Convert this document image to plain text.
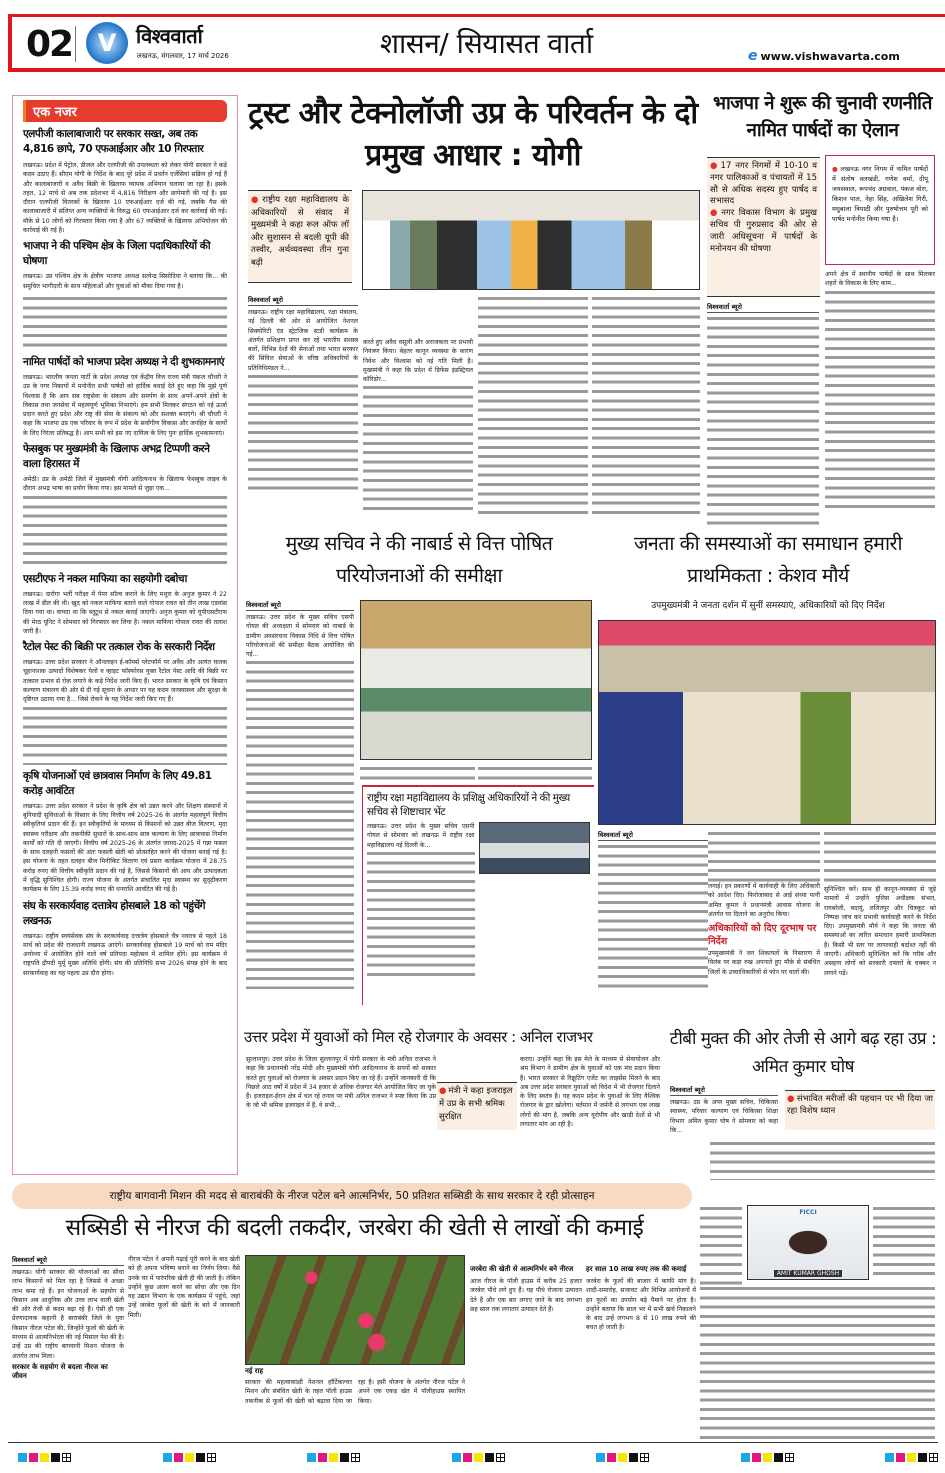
02	V विश्ववार्ता
लखनऊ, मंगलवार, 17 मार्च 2026	शासन/ सियासत वार्ता	e www.vishwavarta.com
एक नजर
एलपीजी कालाबाजारी पर सरकार सख्त, अब तक 4,816 छापे, 70 एफआईआर और 10 गिरफ्तार
लखनऊ। प्रदेश में पेट्रोल, डीजल और एलपीजी की उपलब्धता को लेकर योगी सरकार ने कड़े कदम उठाए हैं। सीएम योगी के निर्देश के बाद पूरे प्रदेश में प्रवर्तन एजेंसियां सक्रिय हो गई हैं और कालाबाजारी व अवैध बिक्री के खिलाफ व्यापक अभियान चलाया जा रहा है। इसके तहत, 12 मार्च से अब तक प्रदेशभर में 4,816 निरीक्षण और छापेमारी की गई है। इस दौरान एलपीजी वितरकों के खिलाफ 10 एफआईआर दर्ज की गई, जबकि गैस की कालाबाजारी में संलिप्त अन्य व्यक्तियों के विरुद्ध 60 एफआईआर दर्ज कर कार्रवाई की गई। मौके से 10 लोगों को गिरफ्तार किया गया है और 67 व्यक्तियों के खिलाफ अभियोजन की कार्रवाई की गई है।
भाजपा ने की पश्चिम क्षेत्र के जिला पदाधिकारियों की घोषणा
लखनऊ। उप्र पश्चिम क्षेत्र के क्षेत्रीय भाजपा अध्यक्ष सत्येन्द्र सिसोदिया ने बताया कि... की समुचित भागीदारी के साथ महिलाओं और युवाओं को मौका दिया गया है।
नामित पार्षदों को भाजपा प्रदेश अध्यक्ष ने दी शुभकामनाएं
लखनऊ। भारतीय जनता पार्टी के प्रदेश अध्यक्ष एवं केंद्रीय वित्त राज्य मंत्री पंकज चौधरी ने उप्र के नगर निकायों में मनोनीत सभी पार्षदों को हार्दिक बधाई देते हुए कहा कि मुझे पूर्ण विश्वास है कि आप सब राष्ट्रसेवा के संकल्प और समर्पण के साथ अपने-अपने क्षेत्रों के विकास तथा जनसेवा में महत्वपूर्ण भूमिका निभाएंगे। हम सभी मिलकर संगठन को नई ऊर्जा प्रदान करते हुए प्रदेश और राष्ट्र की सेवा के संकल्प को और सशक्त बनाएंगे। श्री चौधरी ने कहा कि भाजपा उप्र एक परिवार के रूप में प्रदेश के सर्वांगीण विकास और जनहित के कार्यों के लिए निरंतर प्रतिबद्ध है। आप सभी को इस नए दायित्व के लिए पुनः हार्दिक शुभकामनाएं।
फेसबुक पर मुख्यमंत्री के खिलाफ अभद्र टिप्पणी करने वाला हिरासत में
अमेठी। उप्र के अमेठी जिले में मुख्यमंत्री योगी आदित्यनाथ के खिलाफ फेसबुक लाइव के दौरान अभद्र भाषा का प्रयोग किया गया। इस मामले से जुड़ा एक...
एसटीएफ ने नकल माफिया का सहयोगी दबोचा
लखनऊ। दारोगा भर्ती परीक्षा में पेपर सॉल्व कराने के लिए मथुरा के अनुज कुमार ने 22 लाख में डील की थी। खुद को नकल माफिया बताने वाले गोपाल रावत को तीन लाख एडवांस दिया गया था। वायदा था कि ब्लूटूथ से नकल कराई जाएगी। अनुज कुमार को यूपीएसटीएफ की मेरठ यूनिट ने सोमवार को गिरफ्तार कर लिया है। नकल माफिया गोपाल रावत की तलाश जारी है।
रैटोल पेस्ट की बिक्री पर तत्काल रोक के सरकारी निर्देश
लखनऊ। उत्तर प्रदेश सरकार ने ऑनलाइन ई-कॉमर्स प्लेटफॉर्म पर अवैध और अत्यंत घातक चूहानाशक उत्पादों विशेषकर येलो व व्हाइट फॉस्फोरस युक्त रैटोल पेस्ट आदि की बिक्री पर तत्काल प्रभाव से रोक लगाने के कड़े निर्देश जारी किए हैं। भारत सरकार के कृषि एवं किसान कल्याण मंत्रालय की ओर से दी गई सूचना के आधार पर यह कदम जनस्वास्थ्य और सुरक्षा के दृष्टिगत उठाया गया है... जिसे रोकने के यह निर्देश जारी किए गए हैं।
कृषि योजनाओं एवं छात्रवास निर्माण के लिए 49.81 करोड़ आवंटित
लखनऊ। उत्तर प्रदेश सरकार ने प्रदेश के कृषि क्षेत्र को उन्नत करने और शिक्षण संस्थानों में बुनियादी सुविधाओं के विस्तार के लिए वित्तीय वर्ष 2025-26 के अंतर्गत महत्वपूर्ण वित्तीय स्वीकृतियां प्रदान की हैं। इन स्वीकृतियों के माध्यम से किसानों को उन्नत बीज वितरण, मृदा स्वास्थ्य परीक्षण और तकनीकी सुधारों के साथ-साथ छात्र कल्याण के लिए छात्रावास निर्माण कार्यों को गति दी जाएगी। वित्तीय वर्ष 2025-26 के अंतर्गत जायद-2025 में गन्ना फसल के साथ दलहनी फसलों की अंतः फसली खेती को प्रोत्साहित करने की योजना बनाई गई है। इस योजना के तहत दलहन बीज मिनीकिट वितरण एवं प्रसार कार्यक्रम योजना में 28.75 करोड़ रुपए की वित्तीय स्वीकृति प्रदान की गई है, जिससे किसानों की आय और उत्पादकता में वृद्धि सुनिश्चित होगी। राज्य योजना के अंतर्गत संचालित मृदा स्वास्थ्य का सुदृढ़ीकरण कार्यक्रम के लिए 15.39 करोड़ रुपए की धनराशि आवंटित की गई है।
संघ के सरकार्यवाह दत्तात्रेय होसबाले 18 को पहुंचेंगे लखनऊ
लखनऊ। राष्ट्रीय स्वयंसेवक संघ के सरकार्यवाह दत्तात्रेय होसबाले चैत्र नवरात्र से पहले 18 मार्च को प्रदेश की राजधानी लखनऊ आएंगे। सरकार्यवाह होसबाले 19 मार्च को राम मंदिर अयोध्या में आयोजित होने वाले वर्ष प्रतिपदा महोत्सव में शामिल होंगे। इस कार्यक्रम में राष्ट्रपति द्रौपदी मुर्मू मुख्य अतिथि होंगी। संघ की प्रतिनिधि सभा 2026 संपन्न होने के बाद सरकार्यवाह का यह पहला उप्र दौरा होगा।
ट्रस्ट और टेक्नोलॉजी उप्र के परिवर्तन के दो प्रमुख आधार : योगी
● राष्ट्रीय रक्षा महाविद्यालय के अधिकारियों से संवाद में मुख्यमंत्री ने कहा रूल ऑफ लॉ और सुशासन से बदली यूपी की तस्वीर, अर्थव्यवस्था तीन गुना बढ़ी
विश्ववार्ता ब्यूरो
लखनऊ। राष्ट्रीय रक्षा महाविद्यालय, रक्षा मंत्रालय, नई दिल्ली की ओर से आयोजित नेशनल सिक्योरिटी एंड स्ट्रेटजिक स्टडी कार्यक्रम के अंतर्गत प्रशिक्षण प्राप्त कर रहे भारतीय सशस्त्र बलों, विभिन्न देशों की सेनाओं तथा भारत सरकार की सिविल सेवाओं के वरिष्ठ अधिकारियों के प्रतिनिधिमंडल ने...
करते हुए अवैध वसूली और अराजकता पर प्रभावी नियंत्रण किया। बेहतर कानून व्यवस्था के कारण निवेश और विश्वास को नई गति मिली है। मुख्यमंत्री ने कहा कि प्रदेश में डिफेंस इंडस्ट्रियल कॉरिडोर...
भाजपा ने शुरू की चुनावी रणनीति नामित पार्षदों का ऐलान
● 17 नगर निगमों में 10-10 व नगर पालिकाओं व पंचायतों में 15 सौ से अधिक सदस्य हुए पार्षद व सभासद
● नगर विकास विभाग के प्रमुख सचिव पी गुरुप्रसाद की ओर से जारी अधिसूचना में पार्षदों के मनोनयन की घोषणा
● लखनऊ नगर निगम में नामित पार्षदों में संतोष वलखंडी, गणेश वर्मा, दीपू जयसवाल, रूपचंद अग्रवाल, पंकज वोरा, किशन पाल, नेहा सिंह, अखिलेश गिरी, मधुबाला त्रिपाठी और पुरुषोत्तम पूरी को पार्षद मनोनीत किया गया है।
विश्ववार्ता ब्यूरो
अपने क्षेत्र में स्थानीय पार्षदों के साथ मिलकर शहरों के विकास के लिए काम...
मुख्य सचिव ने की नाबार्ड से वित्त पोषित परियोजनाओं की समीक्षा
विश्ववार्ता ब्यूरो
लखनऊ। उत्तर प्रदेश के मुख्य सचिव एसपी गोयल की अध्यक्षता में सोमवार को नाबार्ड के ग्रामीण अवसंरचना विकास निधि से वित्त पोषित परियोजनाओं की समीक्षा बैठक आयोजित की गई...
राष्ट्रीय रक्षा महाविद्यालय के प्रशिक्षु अधिकारियों ने की मुख्य सचिव से शिष्टाचार भेंट
लखनऊ। उत्तर प्रदेश के मुख्य सचिव एसपी गोयल से सोमवार को लखनऊ में राष्ट्रीय रक्षा महाविद्यालय नई दिल्ली के...
जनता की समस्याओं का समाधान हमारी प्राथमिकता : केशव मौर्य
उपमुख्यमंत्री ने जनता दर्शन में सुनीं समस्याएं, अधिकारियों को दिए निर्देश
विश्ववार्ता ब्यूरो
लगाई। इन प्रकरणों में कार्यवाही के लिए अधिकारी को आदेश दिए। फिरोजाबाद से आई संध्या पत्नी अमित कुमार ने प्रधानमंत्री आवास योजना के अंतर्गत घर दिलाने का अनुरोध किया।
अधिकारियों को दिए दूरभाष पर निर्देश
उपमुख्यमंत्री ने जन शिकायतों के निस्तारण में विलंब पर कड़ा रुख अपनाते हुए मौके से संबंधित जिलों के उच्चाधिकारियों से फोन पर वार्ता की।
सुनिश्चित करें। साथ ही कानून-व्यवस्था से जुड़े मामलों में उन्होंने पुलिस अधीक्षक संभल, रायबरेली, बदायूं, ललितपुर और चित्रकूट को निष्पक्ष जांच कर प्रभावी कार्यवाही करने के निर्देश दिए। उपमुख्यमंत्री मौर्य ने कहा कि जनता की समस्याओं का त्वरित समाधान हमारी प्राथमिकता है। किसी भी स्तर पर लापरवाही बर्दाश्त नहीं की जाएगी। अधिकारी सुनिश्चित करें कि गरीब और असहाय लोगों को सरकारी दफ्तरों के चक्कर न लगाने पड़ें।
उत्तर प्रदेश में युवाओं को मिल रहे रोजगार के अवसर : अनिल राजभर
सुल्तानपुर। उत्तर प्रदेश के जिला सुल्तानपुर में योगी सरकार के मंत्री अनिल राजभर ने कहा कि प्रधानमंत्री नरेंद्र मोदी और मुख्यमंत्री योगी आदित्यनाथ के सपनों को साकार करते हुए युवाओं को रोजगार के अवसर प्रदान किए जा रहे हैं। उन्होंने जानकारी दी कि पिछले आठ वर्षों में प्रदेश में 34 हजार से अधिक रोजगार मेले आयोजित किए जा चुके हैं। इजराइल-ईरान क्षेत्र में चल रहे तनाव पर मंत्री अनिल राजभर ने स्पष्ट किया कि उप्र के जो भी श्रमिक इजराइल में हैं, वे सभी...
● मंत्री ने कहा इजराइल में उप्र के सभी श्रमिक सुरक्षित
कराए। उन्होंने कहा कि इस मेले के माध्यम से सेवायोजन और श्रम विभाग ने ग्रामीण क्षेत्र के युवाओं को एक मंच प्रदान किया है। भारत सरकार से रिक्रूटिंग एजेंट का लाइसेंस मिलने के बाद अब उत्तर प्रदेश सरकार युवाओं को विदेश में भी रोजगार दिलाने के लिए स्वतंत्र है। यह कदम प्रदेश के युवाओं के लिए वैश्विक रोजगार के द्वार खोलेगा। वर्तमान में जर्मनी से लगभग एक लाख लोगों की मांग है, जबकि अन्य यूरोपीय और खाड़ी देशों से भी लगातार मांग आ रही है।
टीबी मुक्त की ओर तेजी से आगे बढ़ रहा उप्र : अमित कुमार घोष
विश्ववार्ता ब्यूरो
लखनऊ। उप्र के अपर मुख्य सचिव, चिकित्सा स्वास्थ्य, परिवार कल्याण एवं चिकित्सा शिक्षा विभाग अमित कुमार घोष ने सोमवार को कहा कि...
● संभावित मरीजों की पहचान पर भी दिया जा रहा विशेष ध्यान
FICCI
AMIT KUMAR GHOSH
राष्ट्रीय बागवानी मिशन की मदद से बाराबंकी के नीरज पटेल बने आत्मनिर्भर, 50 प्रतिशत सब्सिडी के साथ सरकार दे रही प्रोत्साहन
सब्सिडी से नीरज की बदली तकदीर, जरबेरा की खेती से लाखों की कमाई
विश्ववार्ता ब्यूरो
लखनऊ। योगी सरकार की योजनाओं का सीधा लाभ किसानों को मिल रहा है जिससे वे अच्छा लाभ कमा रहे हैं। इन योजनाओं के सहयोग से किसान अब आधुनिक और उच्च लाभ वाली खेती की ओर तेजी से कदम बढ़ा रहे हैं। ऐसी ही एक प्रेरणादायक कहानी है बाराबंकी जिले के युवा किसान नीरज पटेल की, जिन्होंने फूलों की खेती के माध्यम से आत्मनिर्भरता की नई मिसाल पेश की है। उन्हें उप्र की राष्ट्रीय बागवानी मिशन योजना के अंतर्गत लाभ मिला।
सरकार के सहयोग से बदला नीरज का जीवन
नीरज पटेल ने अपनी पढ़ाई पूरी करने के बाद खेती को ही अपना भविष्य बनाने का निर्णय लिया। वैसे उनके घर में पारंपरिक खेती ही की जाती है। लेकिन उन्होंने कुछ अलग करने का सोचा और एक दिन वह उद्यान विभाग के एक कार्यक्रम में पहुंचे, जहां उन्हें जरबेरा फूलों की खेती के बारे में जानकारी मिली।
नई राह
सरकार की महत्वाकांक्षी नेशनल हॉर्टिकल्चर मिशन और संबंधित खेती के तहत पॉली हाउस तकनीक से फूलों की खेती को बढ़ावा दिया जा रहा है। इसी योजना के अंतर्गत नीरज पटेल ने अपने एक एकड़ खेत में पॉलीहाउस स्थापित किया।
जरबेरा की खेती से आत्मनिर्भर बने नीरज
आज नीरज के पॉली हाउस में करीब 25 हजार जरबेरा पौधे लगे हुए हैं। यह पौधे रोजाना उत्पादन देते हैं और एक बार लगाए जाने के बाद लगभग छह साल तक लगातार उत्पादन देते हैं।
हर साल 10 लाख रुपए तक की कमाई
जरबेरा के फूलों की बाजार में काफी मांग है। शादी-समारोह, सजावट और विभिन्न आयोजनों में इन फूलों का उपयोग बड़े पैमाने पर होता है। उन्होंने बताया कि साल भर में सभी खर्च निकालने के बाद उन्हें लगभग 8 से 10 लाख रुपये की बचत हो जाती है।
